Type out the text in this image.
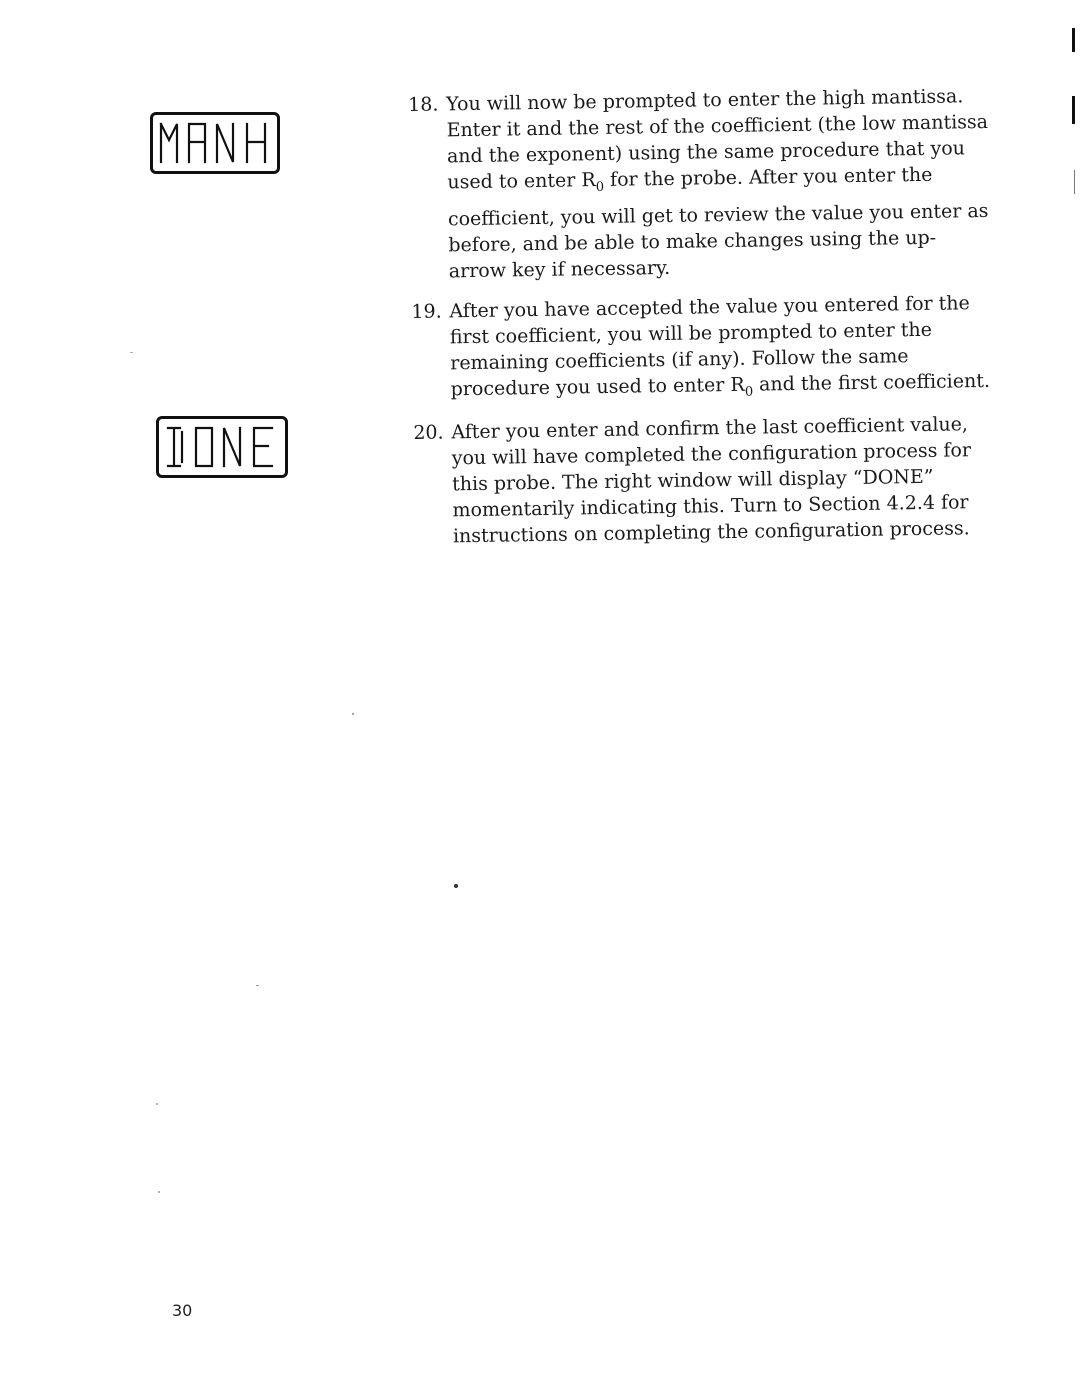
18. You will now be prompted to enter the high mantissa. Enter it and the rest of the coefficient (the low mantissa and the exponent) using the same procedure that you used to enter $R_0$ for the probe. After you enter the

coefficient, you will get to review the value you enter as before, and be able to make changes using the up-arrow key if necessary.

19. After you have accepted the value you entered for the first coefficient, you will be prompted to enter the remaining coefficients (if any). Follow the same procedure you used to enter $R_0$ and the first coefficient.

20. After you enter and confirm the last coefficient value, you will have completed the configuration process for this probe. The right window will display “DONE” momentarily indicating this. Turn to Section 4.2.4 for instructions on completing the configuration process.

30
